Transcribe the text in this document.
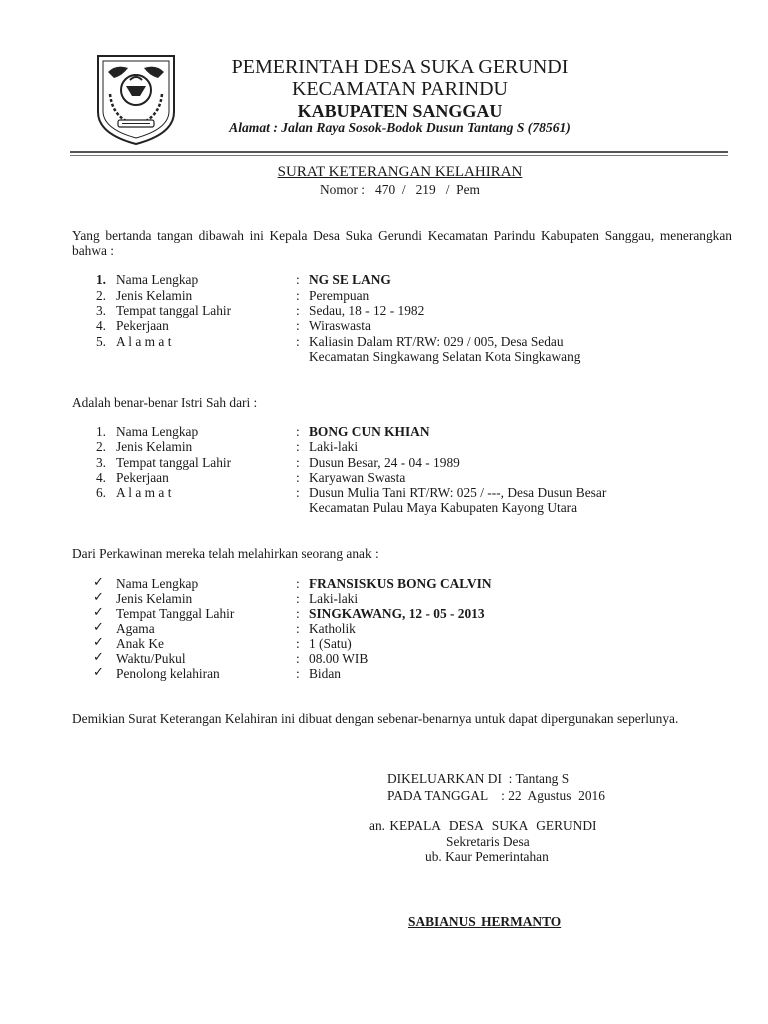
PEMERINTAH DESA SUKA GERUNDI
KECAMATAN PARINDU
KABUPATEN SANGGAU
Alamat : Jalan Raya Sosok-Bodok Dusun Tantang S (78561)
SURAT KETERANGAN KELAHIRAN
Nomor :   470  /   219   /  Pem
Yang bertanda tangan dibawah ini Kepala Desa Suka Gerundi Kecamatan Parindu Kabupaten Sanggau, menerangkan bahwa :
1. Nama Lengkap	: NG SE LANG
2. Jenis Kelamin	: Perempuan
3. Tempat tanggal Lahir	: Sedau, 18 - 12 - 1982
4. Pekerjaan	: Wiraswasta
5. A l a m a t	: Kaliasin Dalam RT/RW: 029 / 005, Desa Sedau
Kecamatan Singkawang Selatan Kota Singkawang
Adalah benar-benar Istri Sah dari :
1. Nama Lengkap	: BONG CUN KHIAN
2. Jenis Kelamin	: Laki-laki
3. Tempat tanggal Lahir	: Dusun Besar, 24 - 04 - 1989
4. Pekerjaan	: Karyawan Swasta
6. A l a m a t	: Dusun Mulia Tani RT/RW: 025 / ---, Desa Dusun Besar
Kecamatan Pulau Maya Kabupaten Kayong Utara
Dari Perkawinan mereka telah melahirkan seorang anak :
✓ Nama Lengkap	: FRANSISKUS BONG CALVIN
✓ Jenis Kelamin	: Laki-laki
✓ Tempat Tanggal Lahir	: SINGKAWANG, 12 - 05 - 2013
✓ Agama	: Katholik
✓ Anak Ke	: 1 (Satu)
✓ Waktu/Pukul	: 08.00 WIB
✓ Penolong kelahiran	: Bidan
Demikian Surat Keterangan Kelahiran ini dibuat dengan sebenar-benarnya untuk dapat dipergunakan seperlunya.
DIKELUARKAN DI  : Tantang S
PADA TANGGAL    : 22  Agustus  2016
an. KEPALA  DESA  SUKA  GERUNDI
Sekretaris Desa
ub. Kaur Pemerintahan
SABIANUS HERMANTO
